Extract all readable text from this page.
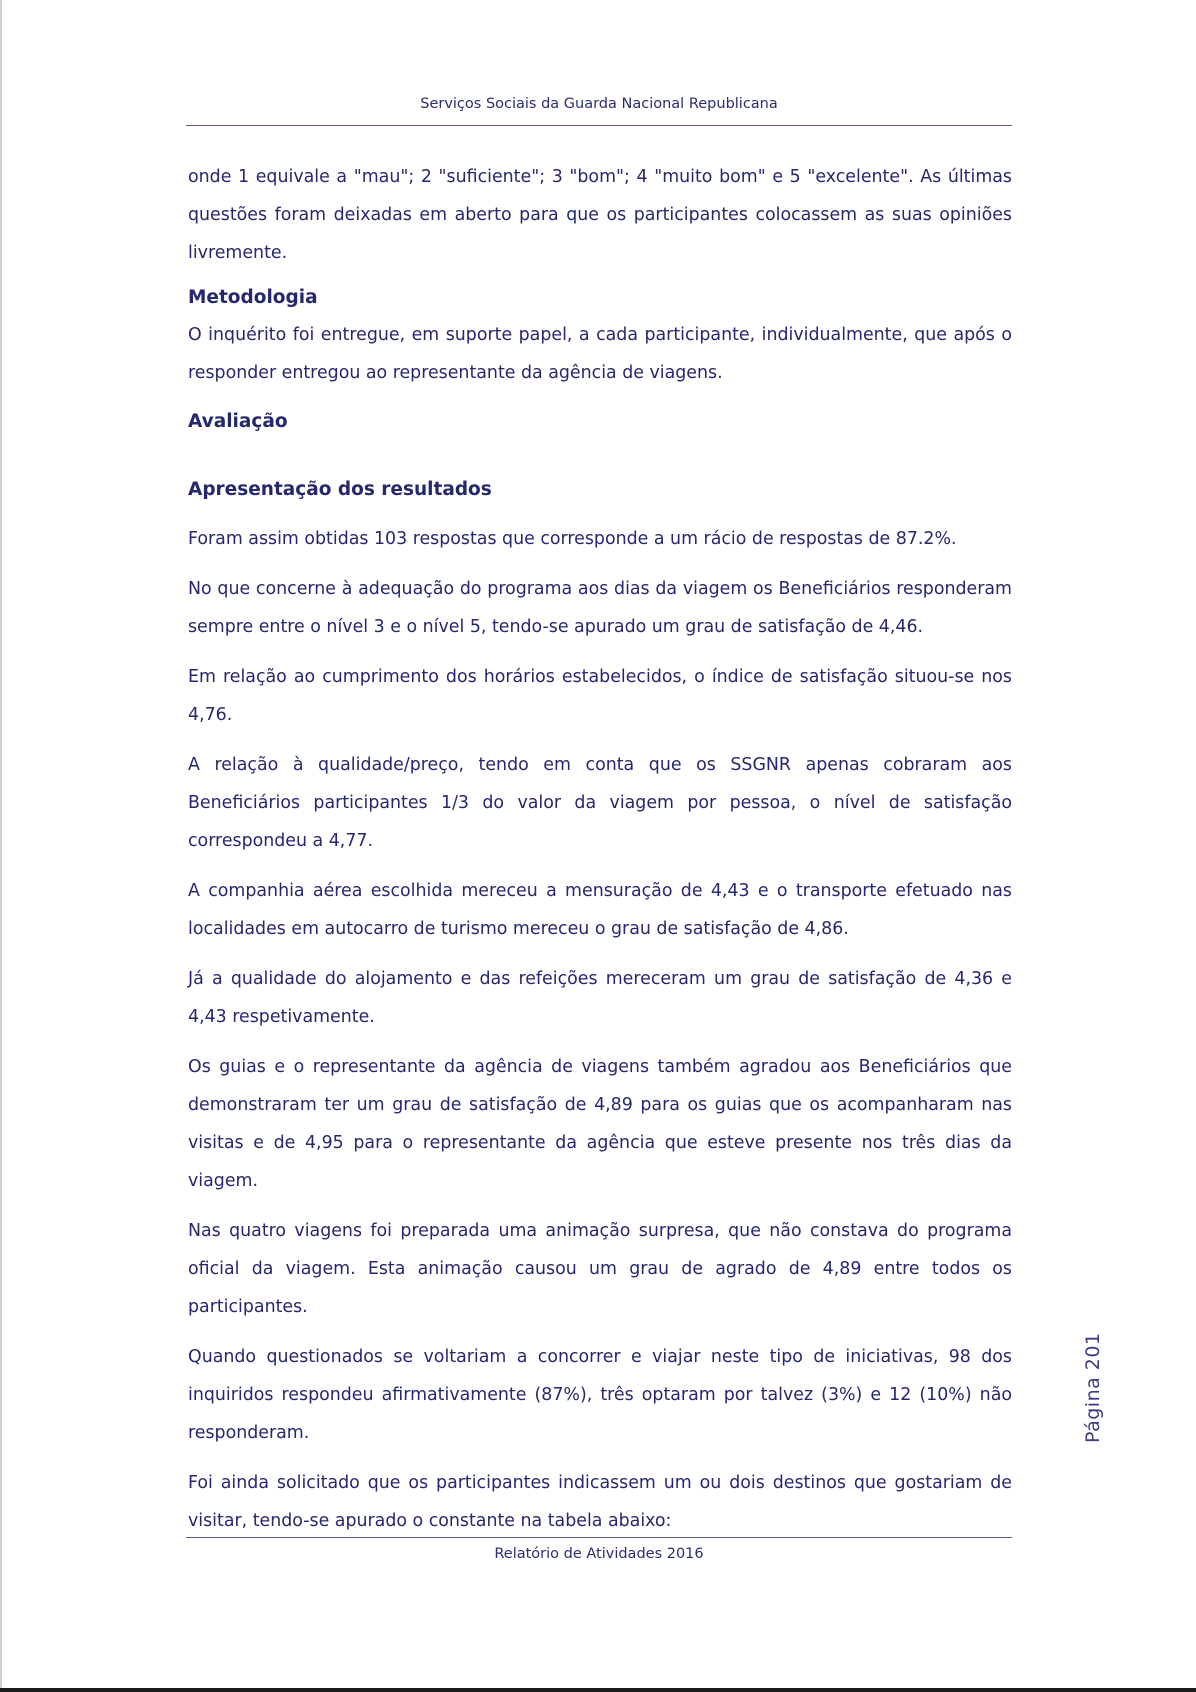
Serviços Sociais da Guarda Nacional Republicana

onde 1 equivale a "mau"; 2 "suficiente"; 3 "bom"; 4 "muito bom" e 5 "excelente". As últimas questões foram deixadas em aberto para que os participantes colocassem as suas opiniões livremente.

Metodologia

O inquérito foi entregue, em suporte papel, a cada participante, individualmente, que após o responder entregou ao representante da agência de viagens.

Avaliação
Apresentação dos resultados

Foram assim obtidas 103 respostas que corresponde a um rácio de respostas de 87.2%.

No que concerne à adequação do programa aos dias da viagem os Beneficiários responderam sempre entre o nível 3 e o nível 5, tendo-se apurado um grau de satisfação de 4,46.

Em relação ao cumprimento dos horários estabelecidos, o índice de satisfação situou-se nos 4,76.

A relação à qualidade/preço, tendo em conta que os SSGNR apenas cobraram aos Beneficiários participantes 1/3 do valor da viagem por pessoa, o nível de satisfação correspondeu a 4,77.

A companhia aérea escolhida mereceu a mensuração de 4,43 e o transporte efetuado nas localidades em autocarro de turismo mereceu o grau de satisfação de 4,86.

Já a qualidade do alojamento e das refeições mereceram um grau de satisfação de 4,36 e 4,43 respetivamente.

Os guias e o representante da agência de viagens também agradou aos Beneficiários que demonstraram ter um grau de satisfação de 4,89 para os guias que os acompanharam nas visitas e de 4,95 para o representante da agência que esteve presente nos três dias da viagem.

Nas quatro viagens foi preparada uma animação surpresa, que não constava do programa oficial da viagem. Esta animação causou um grau de agrado de 4,89 entre todos os participantes.

Quando questionados se voltariam a concorrer e viajar neste tipo de iniciativas, 98 dos inquiridos respondeu afirmativamente (87%), três optaram por talvez (3%) e 12 (10%) não responderam.

Foi ainda solicitado que os participantes indicassem um ou dois destinos que gostariam de visitar, tendo-se apurado o constante na tabela abaixo:

Página 201
Relatório de Atividades 2016
